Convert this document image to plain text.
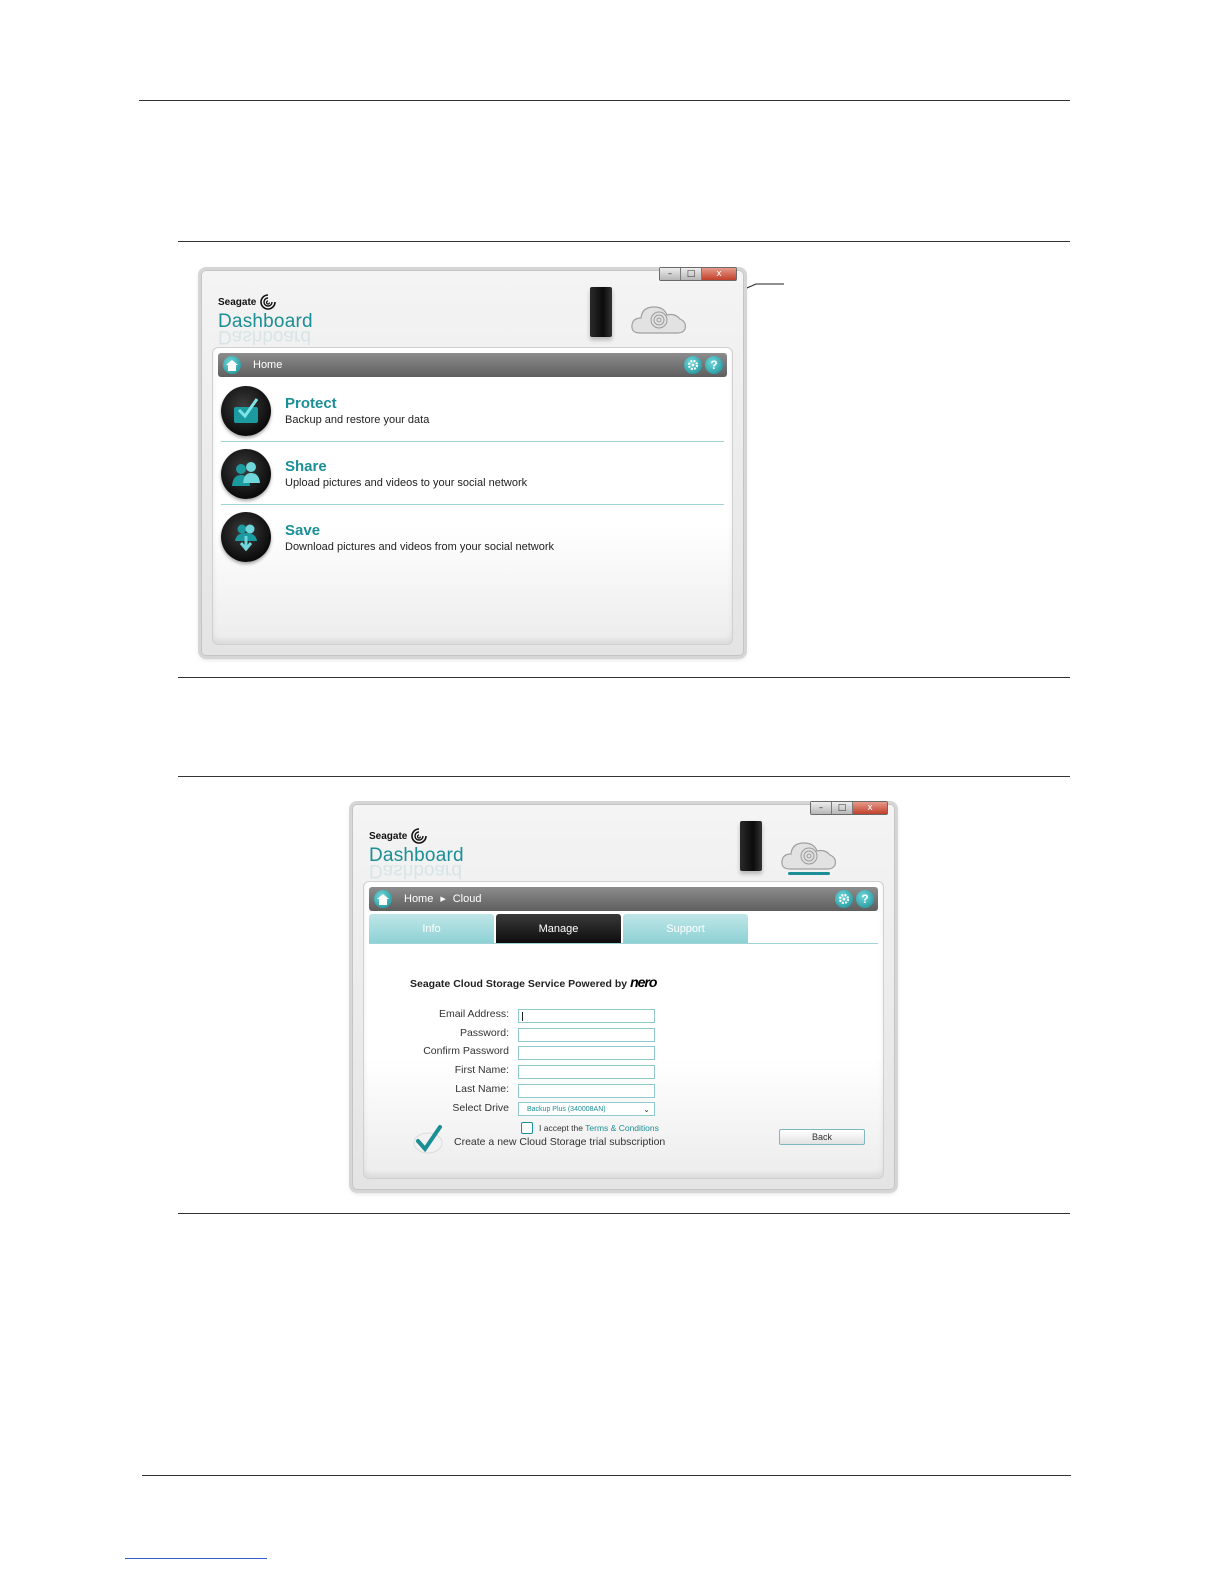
–	□	x
Seagate
Dashboard
Dashboard
Home	?
Protect
Backup and restore your data
Share
Upload pictures and videos to your social network
Save
Download pictures and videos from your social network
–	□	x
Seagate
Dashboard
Dashboard
Home ▶ Cloud	?
Info	Manage	Support
Seagate Cloud Storage Service Powered by nero
Email Address:
Password:
Confirm Password
First Name:
Last Name:
Select Drive	Backup Plus (340008AN)	⌄
I accept the Terms & Conditions
Create a new Cloud Storage trial subscription	Back
